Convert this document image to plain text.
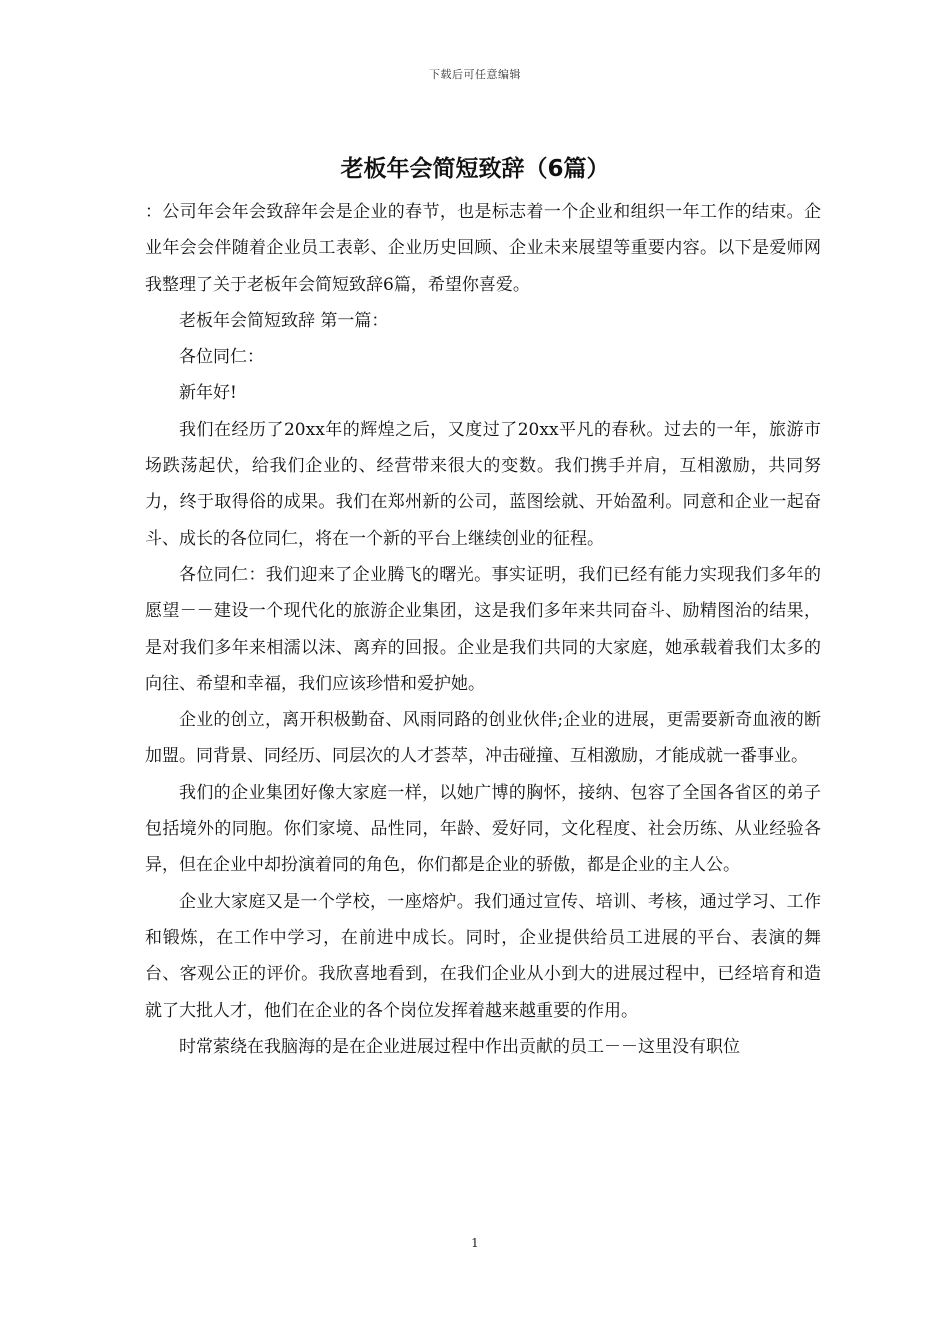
下载后可任意编辑
老板年会简短致辞（6篇）

：公司年会年会致辞年会是企业的春节，也是标志着一个企业和组织一年工作的结束。企业年会会伴随着企业员工表彰、企业历史回顾、企业未来展望等重要内容。以下是爱师网我整理了关于老板年会简短致辞6篇，希望你喜爱。

老板年会简短致辞 第一篇：

各位同仁：

新年好!

我们在经历了20xx年的辉煌之后，又度过了20xx平凡的春秋。过去的一年，旅游市场跌荡起伏，给我们企业的、经营带来很大的变数。我们携手并肩，互相激励，共同努力，终于取得俗的成果。我们在郑州新的公司，蓝图绘就、开始盈利。同意和企业一起奋斗、成长的各位同仁，将在一个新的平台上继续创业的征程。

各位同仁：我们迎来了企业腾飞的曙光。事实证明，我们已经有能力实现我们多年的愿望－－建设一个现代化的旅游企业集团，这是我们多年来共同奋斗、励精图治的结果，是对我们多年来相濡以沫、离弃的回报。企业是我们共同的大家庭，她承载着我们太多的向往、希望和幸福，我们应该珍惜和爱护她。

企业的创立，离开积极勤奋、风雨同路的创业伙伴;企业的进展，更需要新奇血液的断加盟。同背景、同经历、同层次的人才荟萃，冲击碰撞、互相激励，才能成就一番事业。

我们的企业集团好像大家庭一样，以她广博的胸怀，接纳、包容了全国各省区的弟子包括境外的同胞。你们家境、品性同，年龄、爱好同，文化程度、社会历练、从业经验各异，但在企业中却扮演着同的角色，你们都是企业的骄傲，都是企业的主人公。

企业大家庭又是一个学校，一座熔炉。我们通过宣传、培训、考核，通过学习、工作和锻炼，在工作中学习，在前进中成长。同时，企业提供给员工进展的平台、表演的舞台、客观公正的评价。我欣喜地看到，在我们企业从小到大的进展过程中，已经培育和造就了大批人才，他们在企业的各个岗位发挥着越来越重要的作用。

时常萦绕在我脑海的是在企业进展过程中作出贡献的员工－－这里没有职位

1
